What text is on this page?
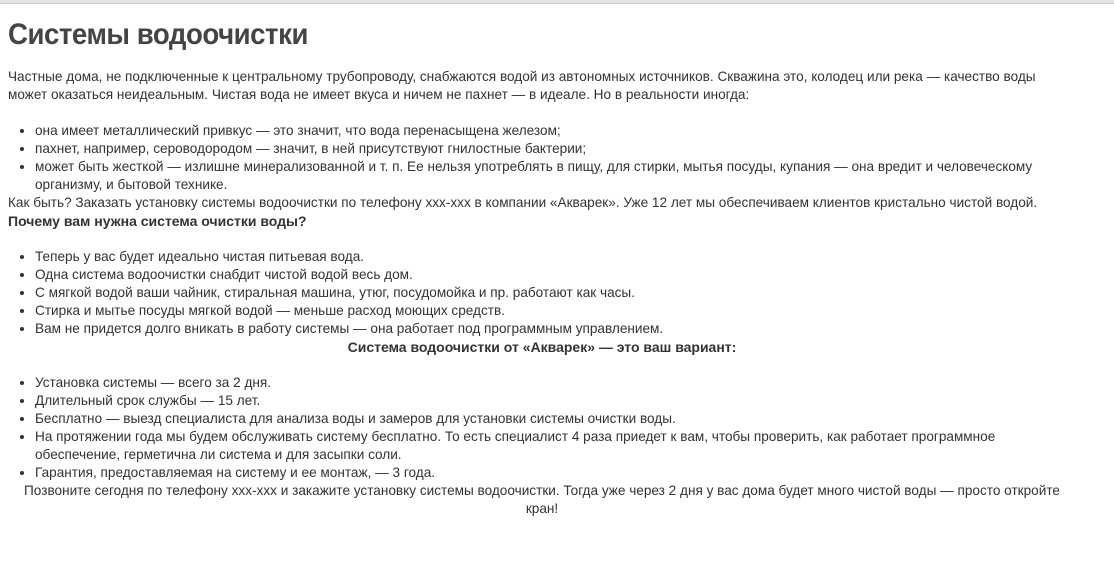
Системы водоочистки

Частные дома, не подключенные к центральному трубопроводу, снабжаются водой из автономных источников. Скважина это, колодец или река — качество воды может оказаться неидеальным. Чистая вода не имеет вкуса и ничем не пахнет — в идеале. Но в реальности иногда:

• она имеет металлический привкус — это значит, что вода перенасыщена железом;
• пахнет, например, сероводородом — значит, в ней присутствуют гнилостные бактерии;
• может быть жесткой — излишне минерализованной и т. п. Ее нельзя употреблять в пищу, для стирки, мытья посуды, купания — она вредит и человеческому организму, и бытовой технике.

Как быть? Заказать установку системы водоочистки по телефону xxx-xxx в компании «Акварек». Уже 12 лет мы обеспечиваем клиентов кристально чистой водой.

Почему вам нужна система очистки воды?

• Теперь у вас будет идеально чистая питьевая вода.
• Одна система водоочистки снабдит чистой водой весь дом.
• С мягкой водой ваши чайник, стиральная машина, утюг, посудомойка и пр. работают как часы.
• Стирка и мытье посуды мягкой водой — меньше расход моющих средств.
• Вам не придется долго вникать в работу системы — она работает под программным управлением.

Система водоочистки от «Акварек» — это ваш вариант:

• Установка системы — всего за 2 дня.
• Длительный срок службы — 15 лет.
• Бесплатно — выезд специалиста для анализа воды и замеров для установки системы очистки воды.
• На протяжении года мы будем обслуживать систему бесплатно. То есть специалист 4 раза приедет к вам, чтобы проверить, как работает программное обеспечение, герметична ли система и для засыпки соли.
• Гарантия, предоставляемая на систему и ее монтаж, — 3 года.

Позвоните сегодня по телефону xxx-xxx и закажите установку системы водоочистки. Тогда уже через 2 дня у вас дома будет много чистой воды — просто откройте кран!
